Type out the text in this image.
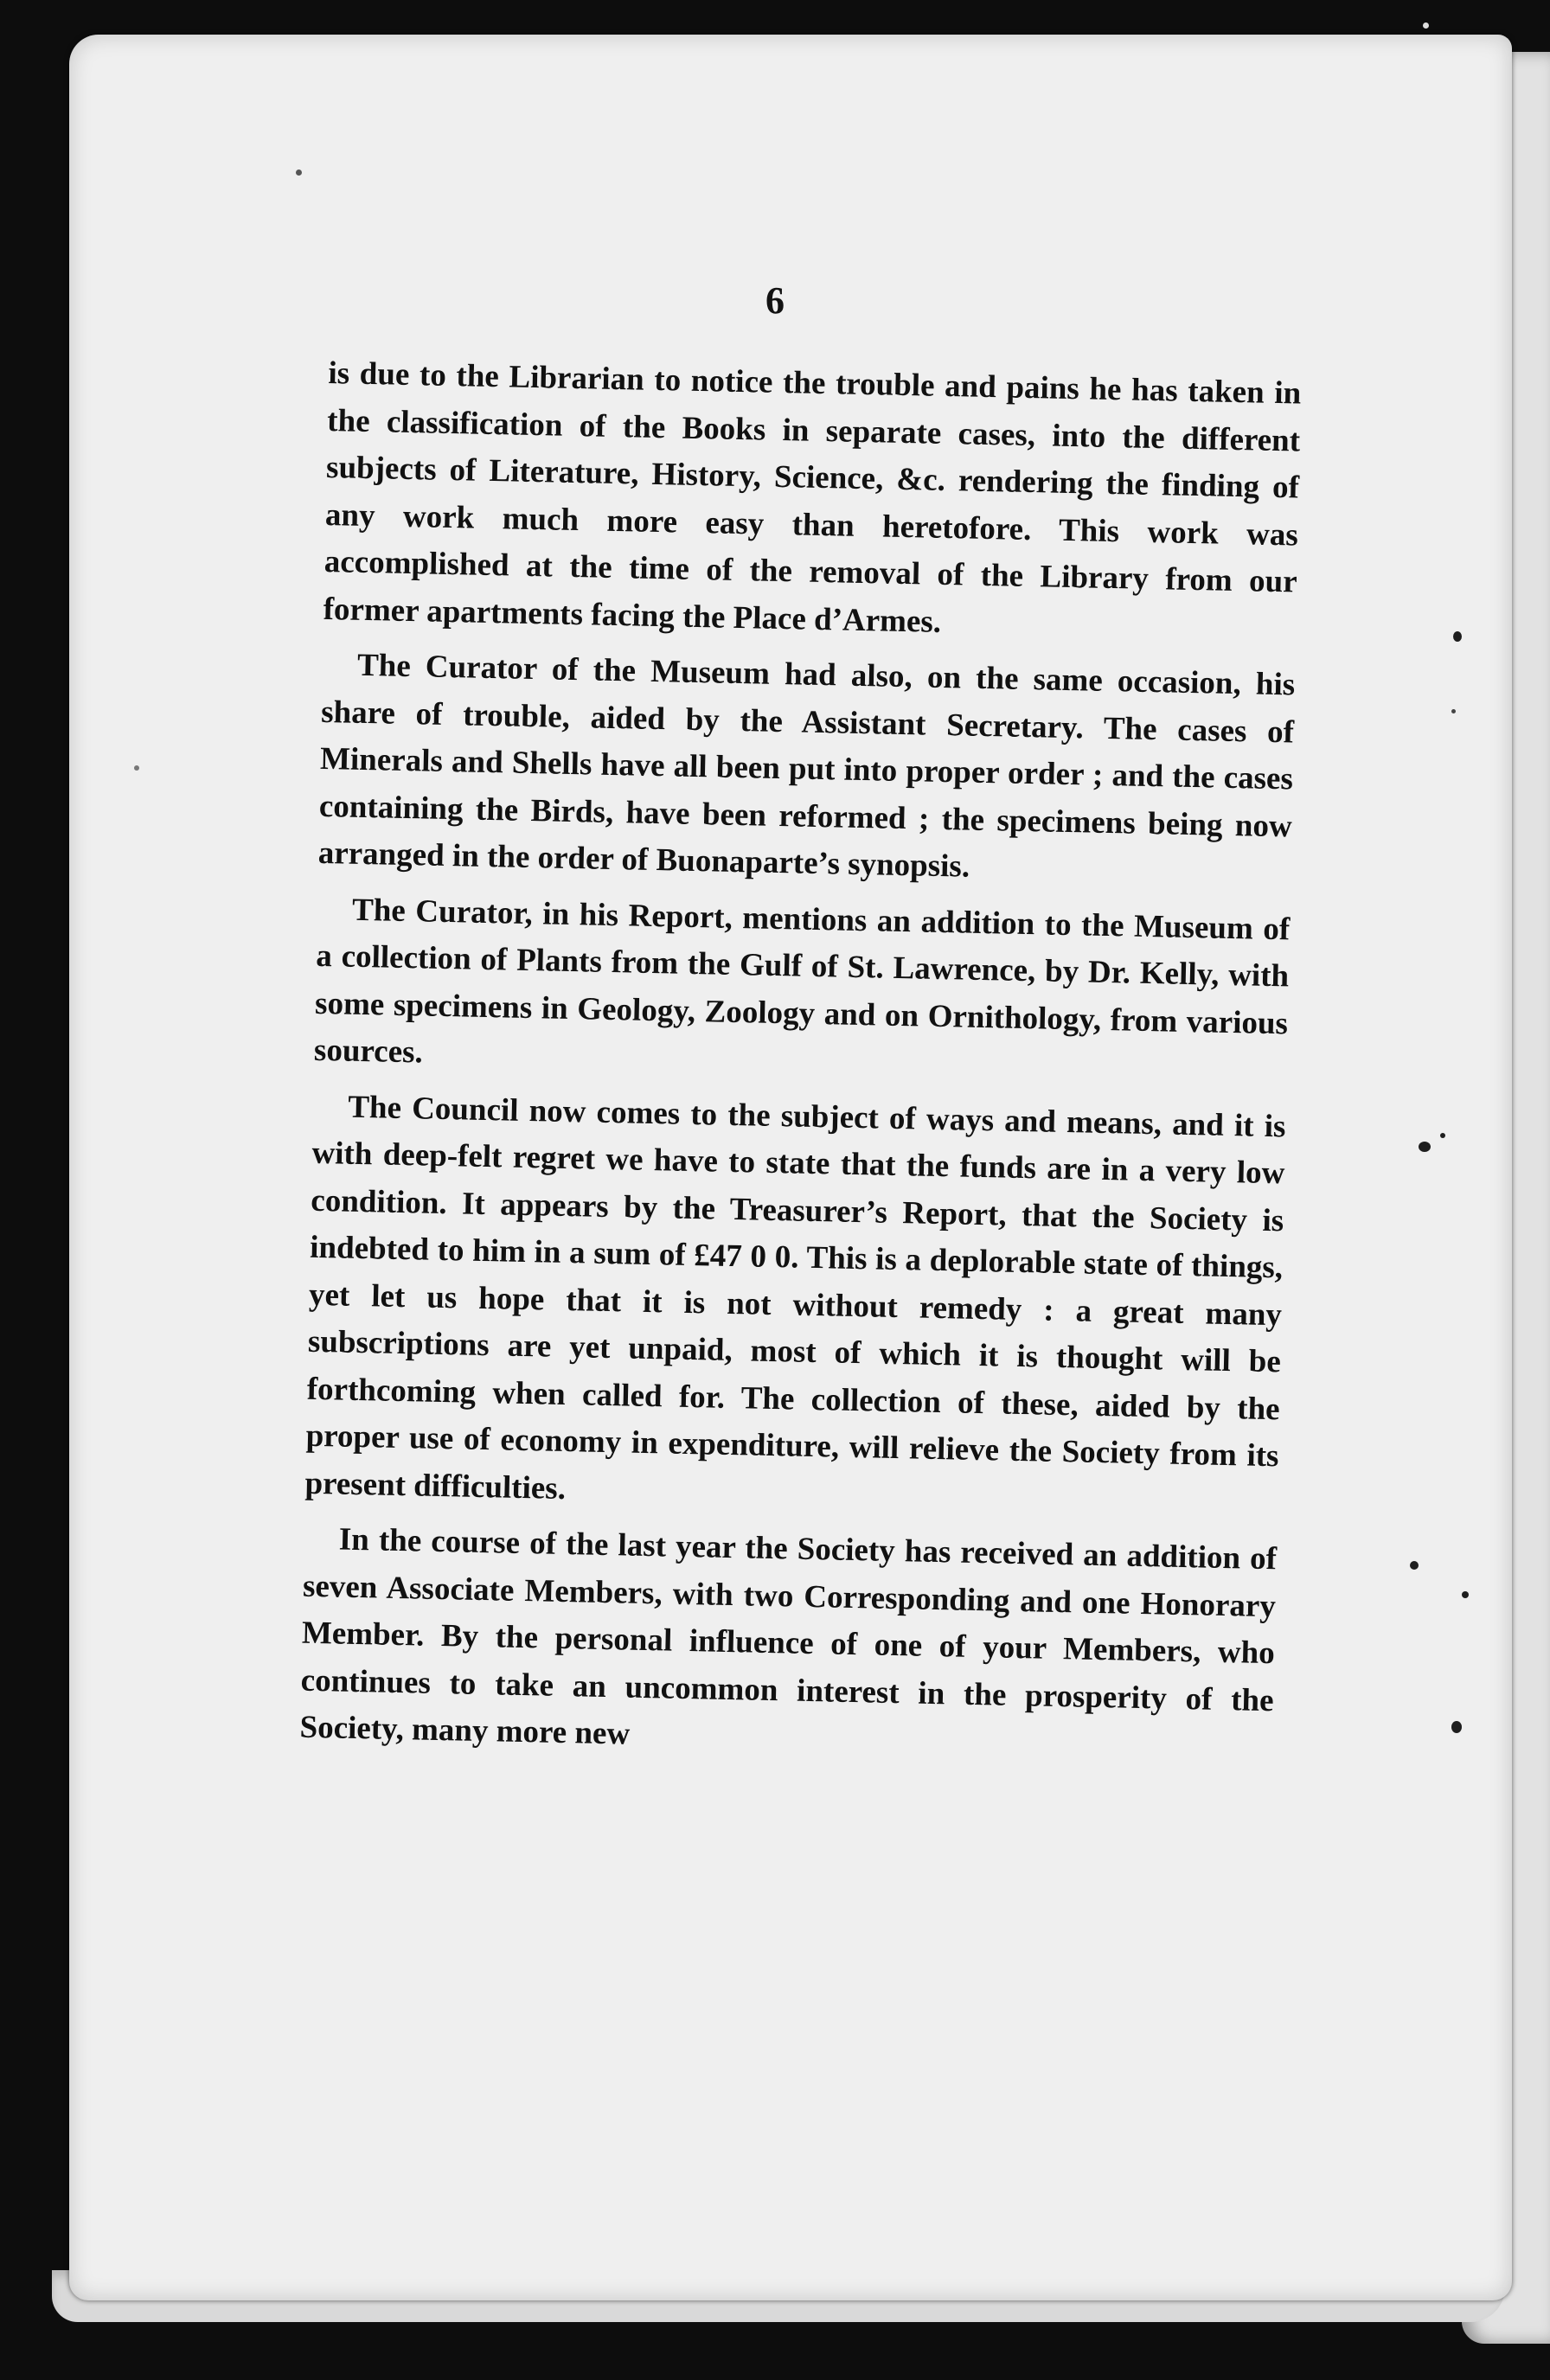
6

is due to the Librarian to notice the trouble and pains he has taken in the classification of the Books in separate cases, into the different subjects of Literature, History, Science, &c. rendering the finding of any work much more easy than heretofore. This work was accomplished at the time of the removal of the Library from our former apartments facing the Place d’Armes.

The Curator of the Museum had also, on the same occasion, his share of trouble, aided by the Assistant Secretary. The cases of Minerals and Shells have all been put into proper order ; and the cases containing the Birds, have been reformed ; the specimens being now arranged in the order of Buonaparte’s synopsis.

The Curator, in his Report, mentions an addition to the Museum of a collection of Plants from the Gulf of St. Lawrence, by Dr. Kelly, with some specimens in Geology, Zoology and on Ornithology, from various sources.

The Council now comes to the subject of ways and means, and it is with deep-felt regret we have to state that the funds are in a very low condition. It appears by the Treasurer’s Report, that the Society is indebted to him in a sum of £47 0 0. This is a deplorable state of things, yet let us hope that it is not without remedy : a great many subscriptions are yet unpaid, most of which it is thought will be forthcoming when called for. The collection of these, aided by the proper use of economy in expenditure, will relieve the Society from its present difficulties.

In the course of the last year the Society has received an addition of seven Associate Members, with two Corresponding and one Honorary Member. By the personal influence of one of your Members, who continues to take an uncommon interest in the prosperity of the Society, many more new
